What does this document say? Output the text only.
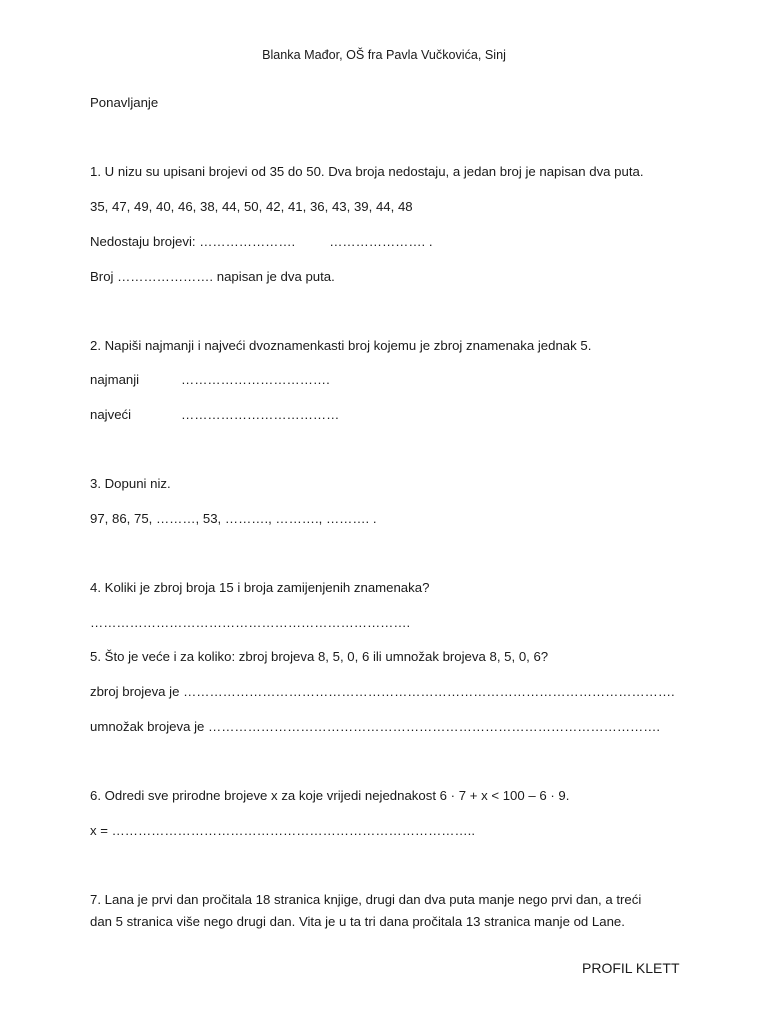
Blanka Mađor, OŠ fra Pavla Vučkovića, Sinj
Ponavljanje
1. U nizu su upisani brojevi od 35 do 50. Dva broja nedostaju, a jedan broj je napisan dva puta.
35, 47, 49, 40, 46, 38, 44, 50, 42, 41, 36, 43, 39, 44, 48
Nedostaju brojevi: ………………….	…………………. .
Broj …………………. napisan je dva puta.
2. Napiši najmanji i najveći dvoznamenkasti broj kojemu je zbroj znamenaka jednak 5.
najmanji	…………………………….
najveći	………………………………
3. Dopuni niz.
97, 86, 75, ………, 53, ………., ………., ………. .
4. Koliki je zbroj broja 15 i broja zamijenjenih znamenaka?
……………………………………………………………….
5. Što je veće i za koliko: zbroj brojeva 8, 5, 0, 6 ili umnožak brojeva 8, 5, 0, 6?
zbroj brojeva je ………………………………………………………………………………………………….
umnožak brojeva je ………………………………………………………………………………………….
6. Odredi sve prirodne brojeve x za koje vrijedi nejednakost 6 · 7 + x < 100 – 6 · 9.
x = ………………………………………………………………………..
7. Lana je prvi dan pročitala 18 stranica knjige, drugi dan dva puta manje nego prvi dan, a treći
dan 5 stranica više nego drugi dan. Vita je u ta tri dana pročitala 13 stranica manje od Lane.
PROFIL KLETT
